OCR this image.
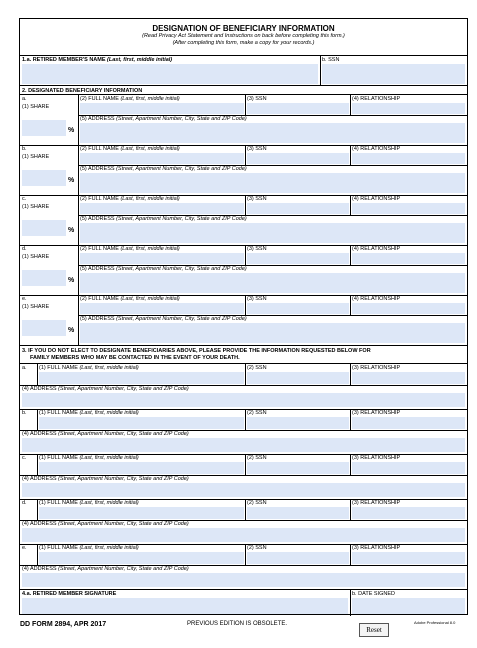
DESIGNATION OF BENEFICIARY INFORMATION
(Read Privacy Act Statement and Instructions on back before completing this form.)
(After completing this form, make a copy for your records.)
1.a. RETIRED MEMBER'S NAME (Last, first, middle initial)	b. SSN
2. DESIGNATED BENEFICIARY INFORMATION
a.
(1) SHARE
%
(2) FULL NAME (Last, first, middle initial)	(3) SSN	(4) RELATIONSHIP
(5) ADDRESS (Street, Apartment Number, City, State and ZIP Code)
b.
(1) SHARE
%
(2) FULL NAME (Last, first, middle initial)	(3) SSN	(4) RELATIONSHIP
(5) ADDRESS (Street, Apartment Number, City, State and ZIP Code)
c.
(1) SHARE
%
(2) FULL NAME (Last, first, middle initial)	(3) SSN	(4) RELATIONSHIP
(5) ADDRESS (Street, Apartment Number, City, State and ZIP Code)
d.
(1) SHARE
%
(2) FULL NAME (Last, first, middle initial)	(3) SSN	(4) RELATIONSHIP
(5) ADDRESS (Street, Apartment Number, City, State and ZIP Code)
e.
(1) SHARE
%
(2) FULL NAME (Last, first, middle initial)	(3) SSN	(4) RELATIONSHIP
(5) ADDRESS (Street, Apartment Number, City, State and ZIP Code)
3. IF YOU DO NOT ELECT TO DESIGNATE BENEFICIARIES ABOVE, PLEASE PROVIDE THE INFORMATION REQUESTED BELOW FOR
FAMILY MEMBERS WHO MAY BE CONTACTED IN THE EVENT OF YOUR DEATH.
a. (1) FULL NAME (Last, first, middle initial)	(2) SSN	(3) RELATIONSHIP
(4) ADDRESS (Street, Apartment Number, City, State and ZIP Code)
b. (1) FULL NAME (Last, first, middle initial)	(2) SSN	(3) RELATIONSHIP
(4) ADDRESS (Street, Apartment Number, City, State and ZIP Code)
c. (1) FULL NAME (Last, first, middle initial)	(2) SSN	(3) RELATIONSHIP
(4) ADDRESS (Street, Apartment Number, City, State and ZIP Code)
d. (1) FULL NAME (Last, first, middle initial)	(2) SSN	(3) RELATIONSHIP
(4) ADDRESS (Street, Apartment Number, City, State and ZIP Code)
e. (1) FULL NAME (Last, first, middle initial)	(2) SSN	(3) RELATIONSHIP
(4) ADDRESS (Street, Apartment Number, City, State and ZIP Code)
4.a. RETIRED MEMBER SIGNATURE	b. DATE SIGNED
DD FORM 2894, APR 2017	PREVIOUS EDITION IS OBSOLETE.
Reset
Adobe Professional 8.0
